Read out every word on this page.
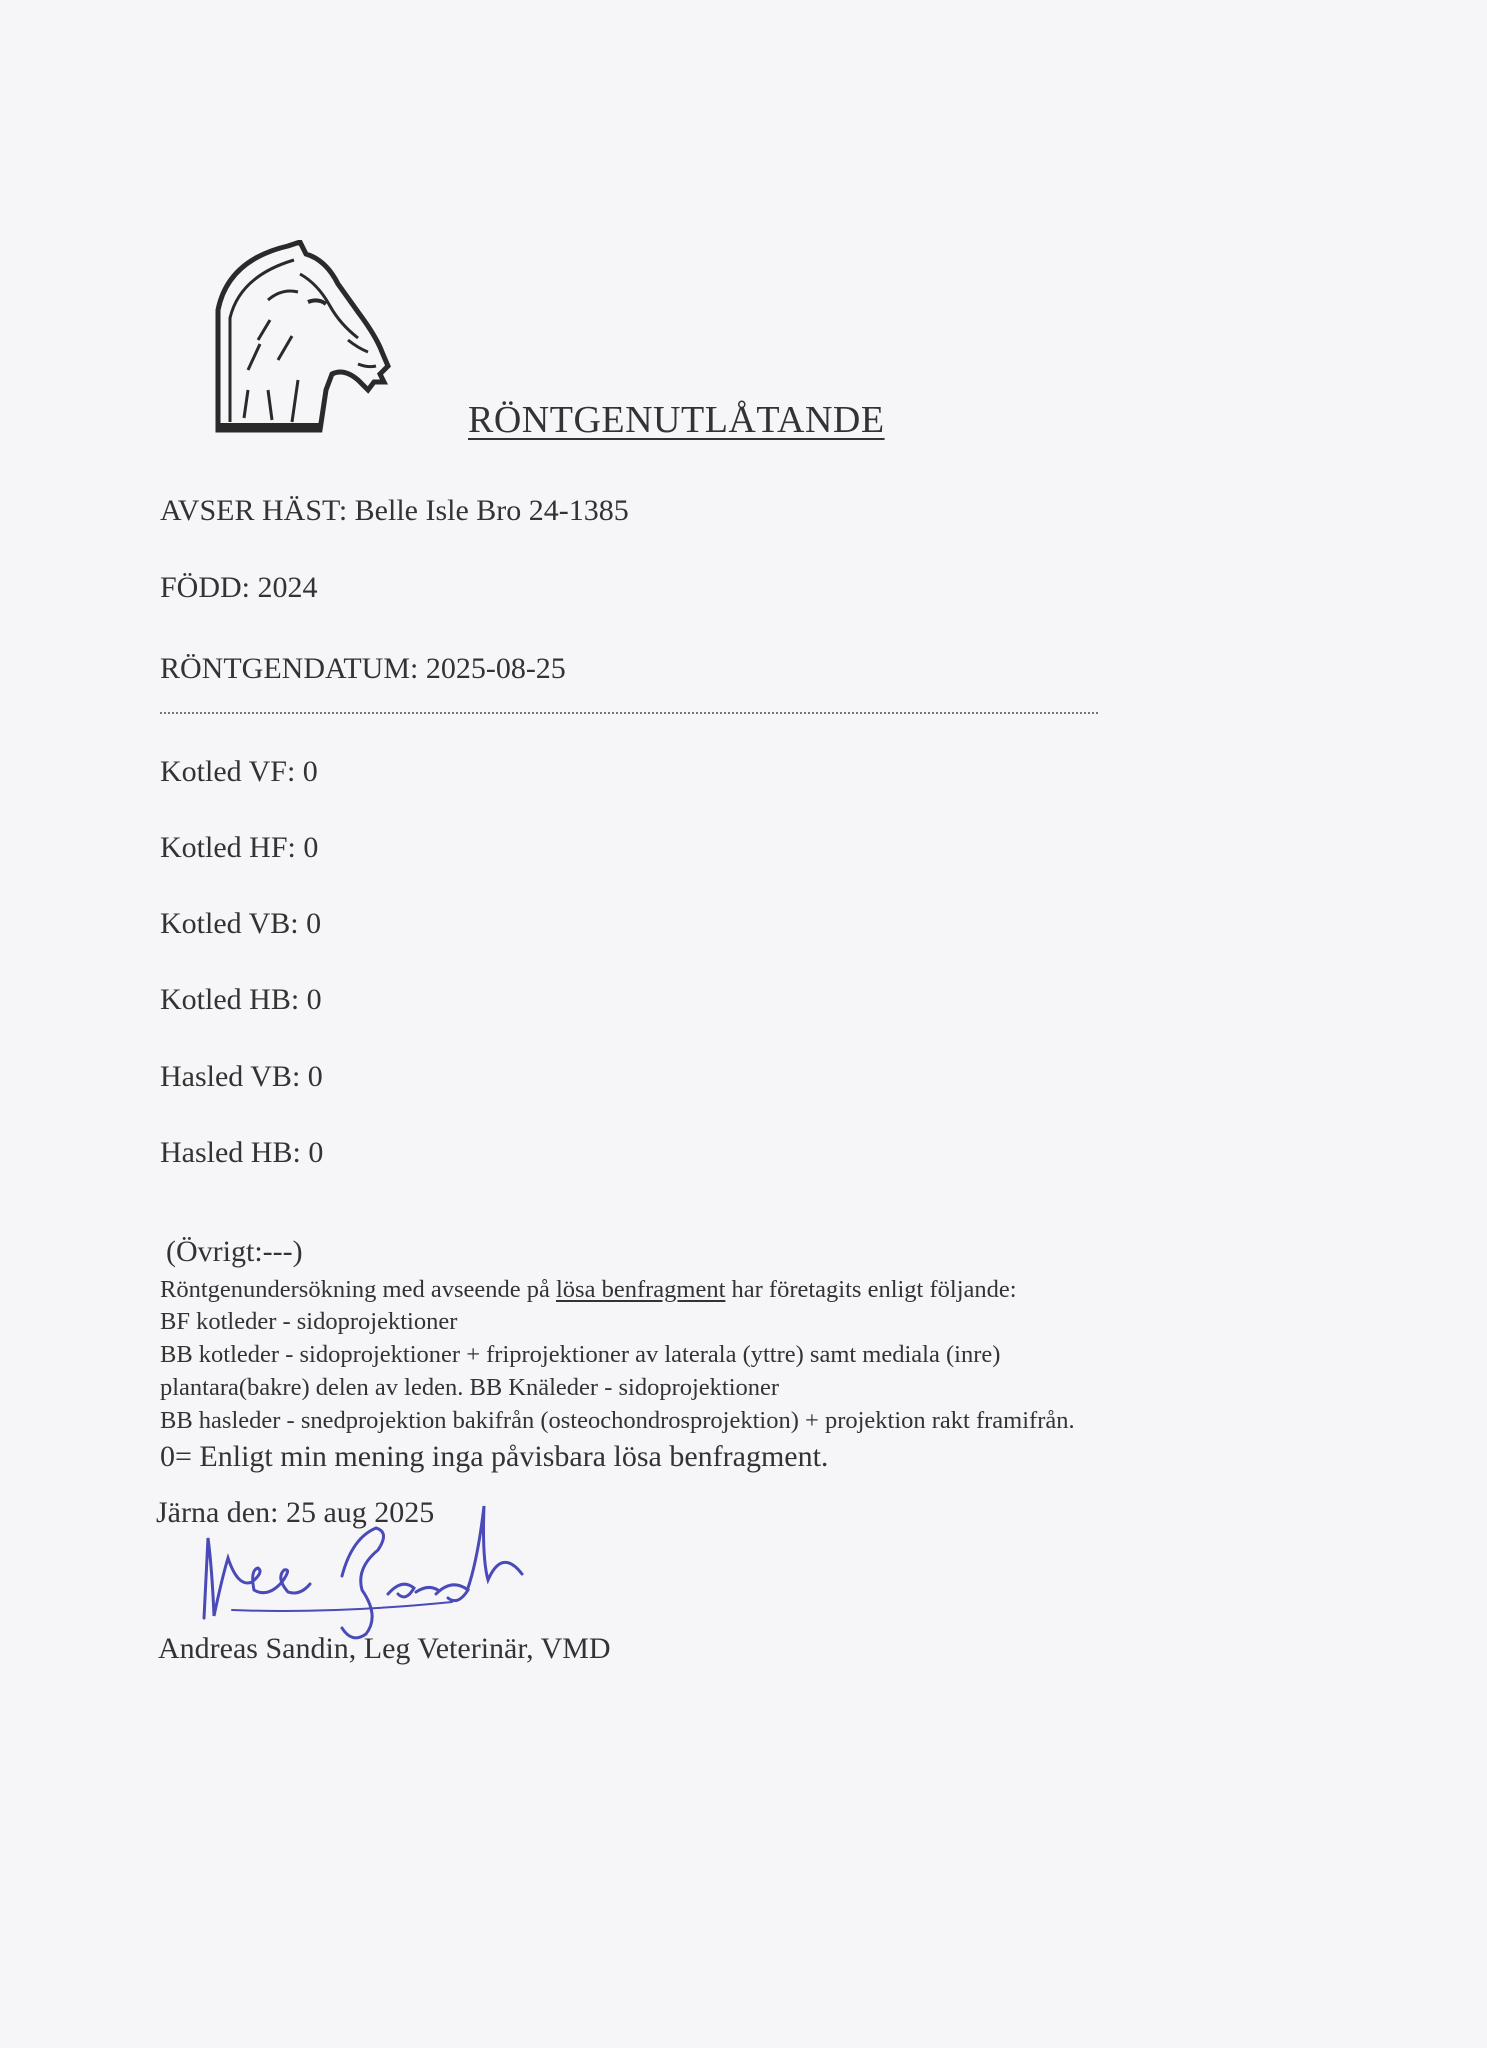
RÖNTGENUTLÅTANDE
AVSER HÄST: Belle Isle Bro 24-1385
FÖDD: 2024
RÖNTGENDATUM: 2025-08-25
Kotled VF: 0
Kotled HF: 0
Kotled VB: 0
Kotled HB: 0
Hasled VB: 0
Hasled HB: 0
(Övrigt:---)
Röntgenundersökning med avseende på lösa benfragment har företagits enligt följande:
BF kotleder - sidoprojektioner
BB kotleder - sidoprojektioner + friprojektioner av laterala (yttre) samt mediala (inre)
plantara(bakre) delen av leden. BB Knäleder - sidoprojektioner
BB hasleder - snedprojektion bakifrån (osteochondrosprojektion) + projektion rakt framifrån.
0= Enligt min mening inga påvisbara lösa benfragment.
Järna den: 25 aug 2025
Andreas Sandin, Leg Veterinär, VMD
